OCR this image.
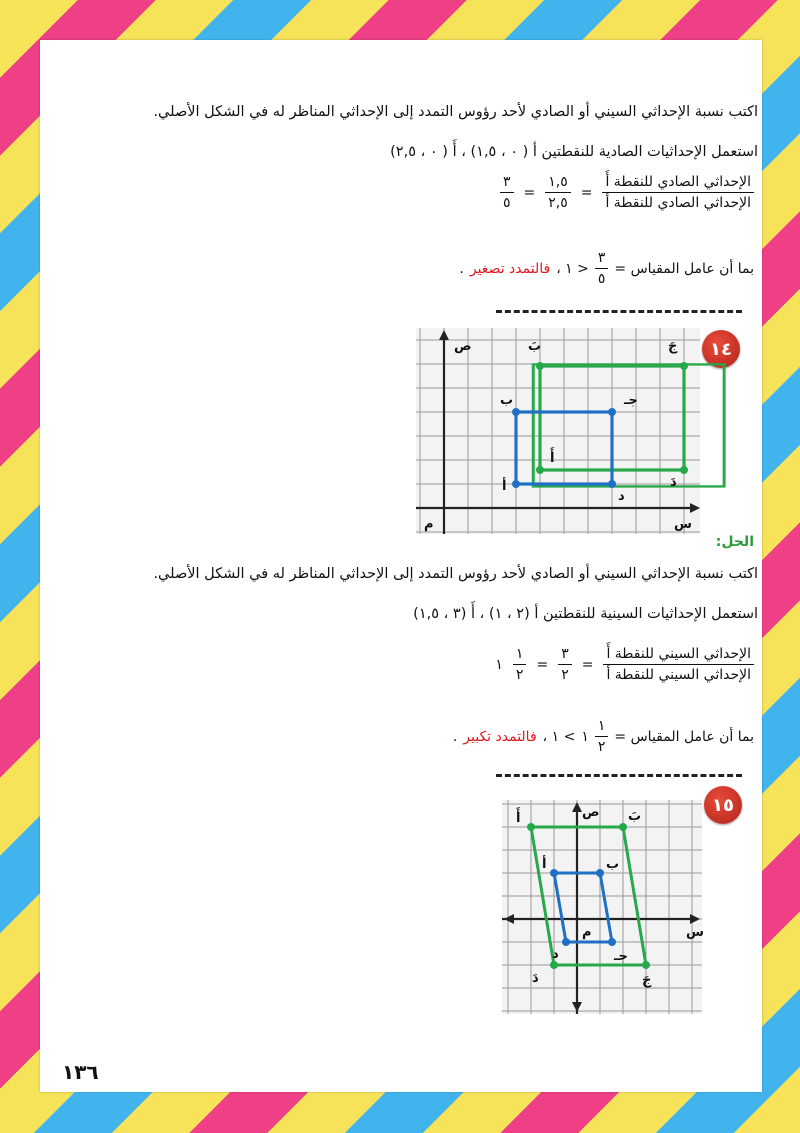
اكتب نسبة الإحداثي السيني أو الصادي لأحد رؤوس التمدد إلى الإحداثي المناظر له في الشكل الأصلي.
استعمل الإحداثيات الصادية للنقطتين أ ( ٠ ، ١,٥) ، أَ ( ٠ ، ٢,٥)
$\frac{\text{الإحداثي الصادي للنقطة أَ}}{\text{الإحداثي الصادي للنقطة أ}}$
=
$\frac{١,٥}{٢,٥}$
=
$\frac{٣}{٥}$
بما أن عامل المقياس =
$\frac{٣}{٥}$
< ١ ،
فالتمدد تصغير
.
١٤
ص
س
م
بَ	جَ
ب	جـ
أَ
أ
د
دَ
الحل:
اكتب نسبة الإحداثي السيني أو الصادي لأحد رؤوس التمدد إلى الإحداثي المناظر له في الشكل الأصلي.
استعمل الإحداثيات السينية للنقطتين أ (٢ ، ١) ، أَ (٣ ، ١,٥)
$\frac{\text{الإحداثي السيني للنقطة أَ}}{\text{الإحداثي السيني للنقطة أ}}$
=
$\frac{٣}{٢}$
=
$\frac{١}{٢}$
١
بما أن عامل المقياس =
$\frac{١}{٢}$
١
> ١ ،
فالتمدد تكبير
.
١٥
ص
س
م
أَ	بَ
أ	ب
د	جـ
دَ	جَ
١٣٦
